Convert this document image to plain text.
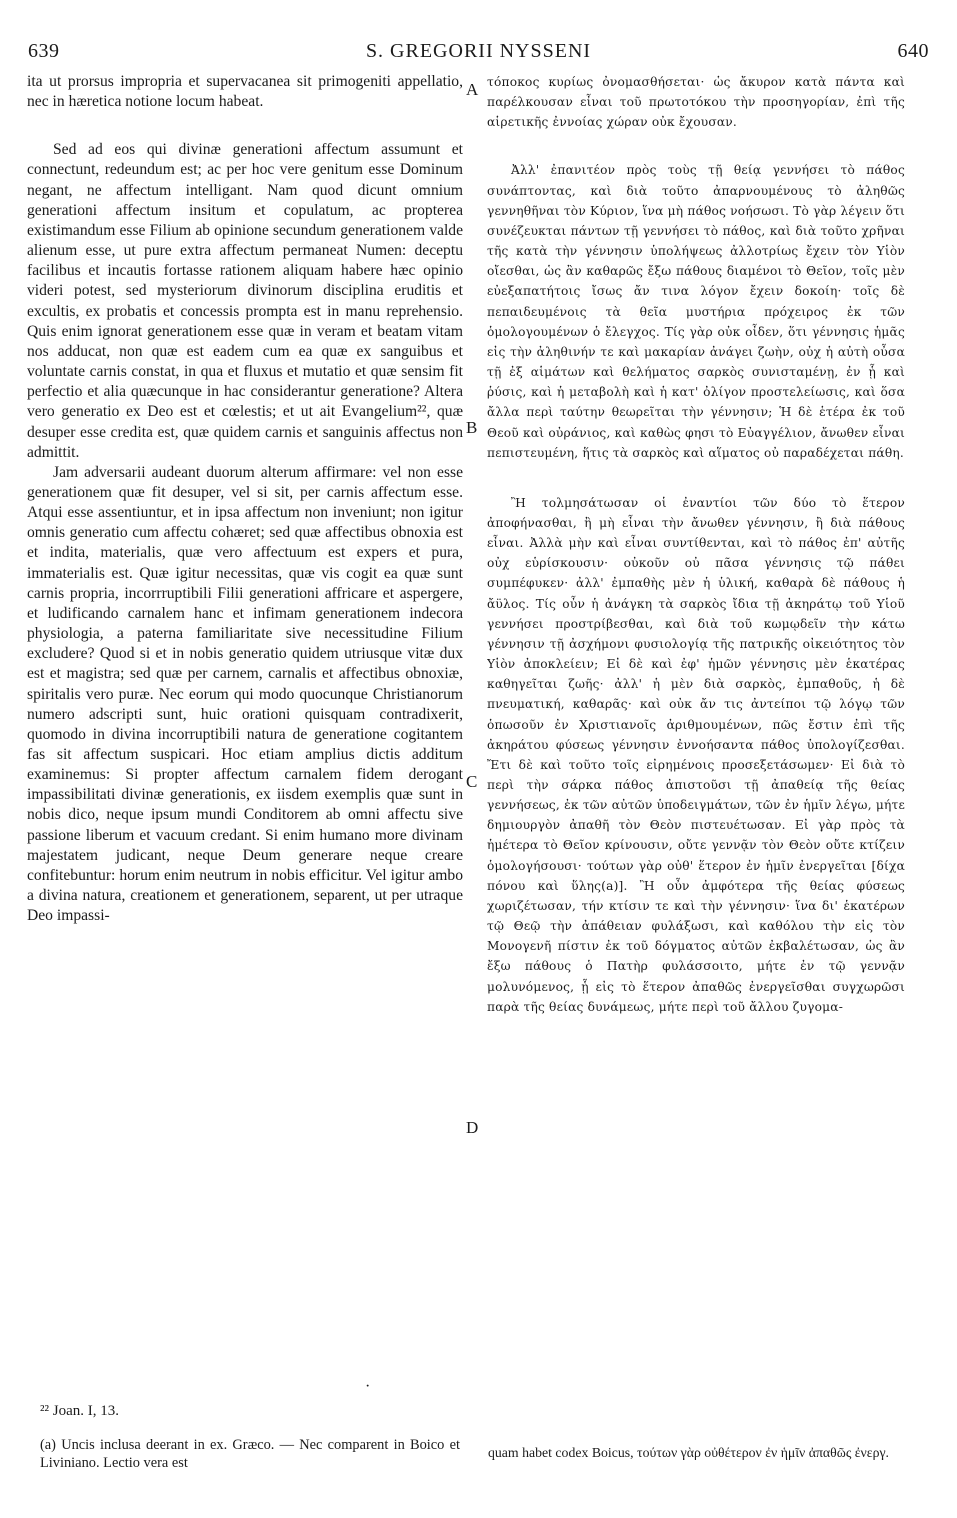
639	S. GREGORII NYSSENI	640

ita ut prorsus impropria et supervacanea sit primogeniti appellatio, nec in hæretica notione locum habeat.

Sed ad eos qui divinæ generationi affectum assumunt et connectunt, redeundum est; ac per hoc vere genitum esse Dominum negant, ne affectum intelligant. Nam quod dicunt omnium generationi affectum insitum et copulatum, ac propterea existimandum esse Filium ab opinione secundum generationem valde alienum esse, ut pure extra affectum permaneat Numen: deceptu facilibus et incautis fortasse rationem aliquam habere hæc opinio videri potest, sed mysteriorum divinorum disciplina eruditis et excultis, ex probatis et concessis prompta est in manu reprehensio. Quis enim ignorat generationem esse quæ in veram et beatam vitam nos adducat, non quæ est eadem cum ea quæ ex sanguibus et voluntate carnis constat, in qua et fluxus et mutatio et quæ sensim fit perfectio et alia quæcunque in hac considerantur generatione? Altera vero generatio ex Deo est et cœlestis; et ut ait Evangelium²², quæ desuper esse credita est, quæ quidem carnis et sanguinis affectus non admittit.

Jam adversarii audeant duorum alterum affirmare: vel non esse generationem quæ fit desuper, vel si sit, per carnis affectum esse. Atqui esse assentiuntur, et in ipsa affectum non inveniunt; non igitur omnis generatio cum affectu cohæret; sed quæ affectibus obnoxia est et indita, materialis, quæ vero affectuum est expers et pura, immaterialis est. Quæ igitur necessitas, quæ vis cogit ea quæ sunt carnis propria, incorrruptibili Filii generationi affricare et aspergere, et ludificando carnalem hanc et infimam generationem indecora physiologia, a paterna familiaritate sive necessitudine Filium excludere? Quod si et in nobis generatio quidem utriusque vitæ dux est et magistra; sed quæ per carnem, carnalis et affectibus obnoxiæ, spiritalis vero puræ. Nec eorum qui modo quocunque Christianorum numero adscripti sunt, huic orationi quisquam contradixerit, quomodo in divina incorruptibili natura de generatione cogitantem fas sit affectum suspicari. Hoc etiam amplius dictis additum examinemus: Si propter affectum carnalem fidem derogant impassibilitati divinæ generationis, ex iisdem exemplis quæ sunt in nobis dico, neque ipsum mundi Conditorem ab omni affectu sive passione liberum et vacuum credant. Si enim humano more divinam majestatem judicant, neque Deum generare neque creare confitebuntur: horum enim neutrum in nobis efficitur. Vel igitur ambo a divina natura, creationem et generationem, separent, ut per utraque Deo impassi-

A
B
C
D

τόποκος κυρίως ὀνομασθήσεται· ὡς ἄκυρον κατὰ πάντα καὶ παρέλκουσαν εἶναι τοῦ πρωτοτόκου τὴν προσηγορίαν, ἐπὶ τῆς αἱρετικῆς ἐννοίας χώραν οὐκ ἔχουσαν.

Ἀλλ' ἐπανιτέον πρὸς τοὺς τῇ θείᾳ γεννήσει τὸ πάθος συνάπτοντας, καὶ διὰ τοῦτο ἀπαρνουμένους τὸ ἀληθῶς γεννηθῆναι τὸν Κύριον, ἵνα μὴ πάθος νοήσωσι. Τὸ γὰρ λέγειν ὅτι συνέζευκται πάντων τῇ γεννήσει τὸ πάθος, καὶ διὰ τοῦτο χρῆναι τῆς κατὰ τὴν γέννησιν ὑπολήψεως ἀλλοτρίως ἔχειν τὸν Υἱὸν οἴεσθαι, ὡς ἂν καθαρῶς ἔξω πάθους διαμένοι τὸ Θεῖον, τοῖς μὲν εὐεξαπατήτοις ἴσως ἄν τινα λόγον ἔχειν δοκοίη· τοῖς δὲ πεπαιδευμένοις τὰ θεῖα μυστήρια πρόχειρος ἐκ τῶν ὁμολογουμένων ὁ ἔλεγχος. Τίς γὰρ οὐκ οἶδεν, ὅτι γέννησις ἡμᾶς εἰς τὴν ἀληθινήν τε καὶ μακαρίαν ἀνάγει ζωὴν, οὐχ ἡ αὐτὴ οὖσα τῇ ἐξ αἱμάτων καὶ θελήματος σαρκὸς συνισταμένῃ, ἐν ᾗ καὶ ῥύσις, καὶ ἡ μεταβολὴ καὶ ἡ κατ' ὀλίγον προστελείωσις, καὶ ὅσα ἄλλα περὶ ταύτην θεωρεῖται τὴν γέννησιν; Ἡ δὲ ἑτέρα ἐκ τοῦ Θεοῦ καὶ οὐράνιος, καὶ καθὼς φησι τὸ Εὐαγγέλιον, ἄνωθεν εἶναι πεπιστευμένη, ἥτις τὰ σαρκὸς καὶ αἵματος οὐ παραδέχεται πάθη.

Ἢ τολμησάτωσαν οἱ ἐναντίοι τῶν δύο τὸ ἕτερον ἀποφήνασθαι, ἢ μὴ εἶναι τὴν ἄνωθεν γέννησιν, ἢ διὰ πάθους εἶναι. Ἀλλὰ μὴν καὶ εἶναι συντίθενται, καὶ τὸ πάθος ἐπ' αὐτῆς οὐχ εὑρίσκουσιν· οὐκοῦν οὐ πᾶσα γέννησις τῷ πάθει συμπέφυκεν· ἀλλ' ἐμπαθὴς μὲν ἡ ὑλική, καθαρὰ δὲ πάθους ἡ ἄϋλος. Τίς οὖν ἡ ἀνάγκη τὰ σαρκὸς ἴδια τῇ ἀκηράτῳ τοῦ Υἱοῦ γεννήσει προστρίβεσθαι, καὶ διὰ τοῦ κωμῳδεῖν τὴν κάτω γέννησιν τῇ ἀσχήμονι φυσιολογίᾳ τῆς πατρικῆς οἰκειότητος τὸν Υἱὸν ἀποκλείειν; Εἰ δὲ καὶ ἐφ' ἡμῶν γέννησις μὲν ἑκατέρας καθηγεῖται ζωῆς· ἀλλ' ἡ μὲν διὰ σαρκὸς, ἐμπαθοῦς, ἡ δὲ πνευματική, καθαρᾶς· καὶ οὐκ ἄν τις ἀντείποι τῷ λόγῳ τῶν ὁπωσοῦν ἐν Χριστιανοῖς ἀριθμουμένων, πῶς ἔστιν ἐπὶ τῆς ἀκηράτου φύσεως γέννησιν ἐννοήσαντα πάθος ὑπολογίζεσθαι. Ἔτι δὲ καὶ τοῦτο τοῖς εἰρημένοις προσεξετάσωμεν· Εἰ διὰ τὸ περὶ τὴν σάρκα πάθος ἀπιστοῦσι τῇ ἀπαθείᾳ τῆς θείας γεννήσεως, ἐκ τῶν αὐτῶν ὑποδειγμάτων, τῶν ἐν ἡμῖν λέγω, μήτε δημιουργὸν ἀπαθῆ τὸν Θεὸν πιστευέτωσαν. Εἰ γὰρ πρὸς τὰ ἡμέτερα τὸ Θεῖον κρίνουσιν, οὔτε γεννᾷν τὸν Θεὸν οὔτε κτίζειν ὁμολογήσουσι· τούτων γὰρ οὐθ' ἕτερον ἐν ἡμῖν ἐνεργεῖται [δίχα πόνου καὶ ὕλης(a)]. Ἢ οὖν ἀμφότερα τῆς θείας φύσεως χωριζέτωσαν, τήν κτίσιν τε καὶ τὴν γέννησιν· ἵνα δι' ἑκατέρων τῷ Θεῷ τὴν ἀπάθειαν φυλάξωσι, καὶ καθόλου τὴν εἰς τὸν Μονογενῆ πίστιν ἐκ τοῦ δόγματος αὐτῶν ἐκβαλέτωσαν, ὡς ἂν ἔξω πάθους ὁ Πατὴρ φυλάσσοιτο, μήτε ἐν τῷ γεννᾷν μολυνόμενος, ᾗ εἰς τὸ ἕτερον ἀπαθῶς ἐνεργεῖσθαι συγχωρῶσι παρὰ τῆς θείας δυνάμεως, μήτε περὶ τοῦ ἄλλου ζυγομα-

·
²² Joan. I, 13.
(a) Uncis inclusa deerant in ex. Græco. — Nec comparent in Boico et Liviniano. Lectio vera est
quam habet codex Boicus, τούτων γὰρ οὐθέτερον ἐν ἡμῖν ἀπαθῶς ἐνεργ.
